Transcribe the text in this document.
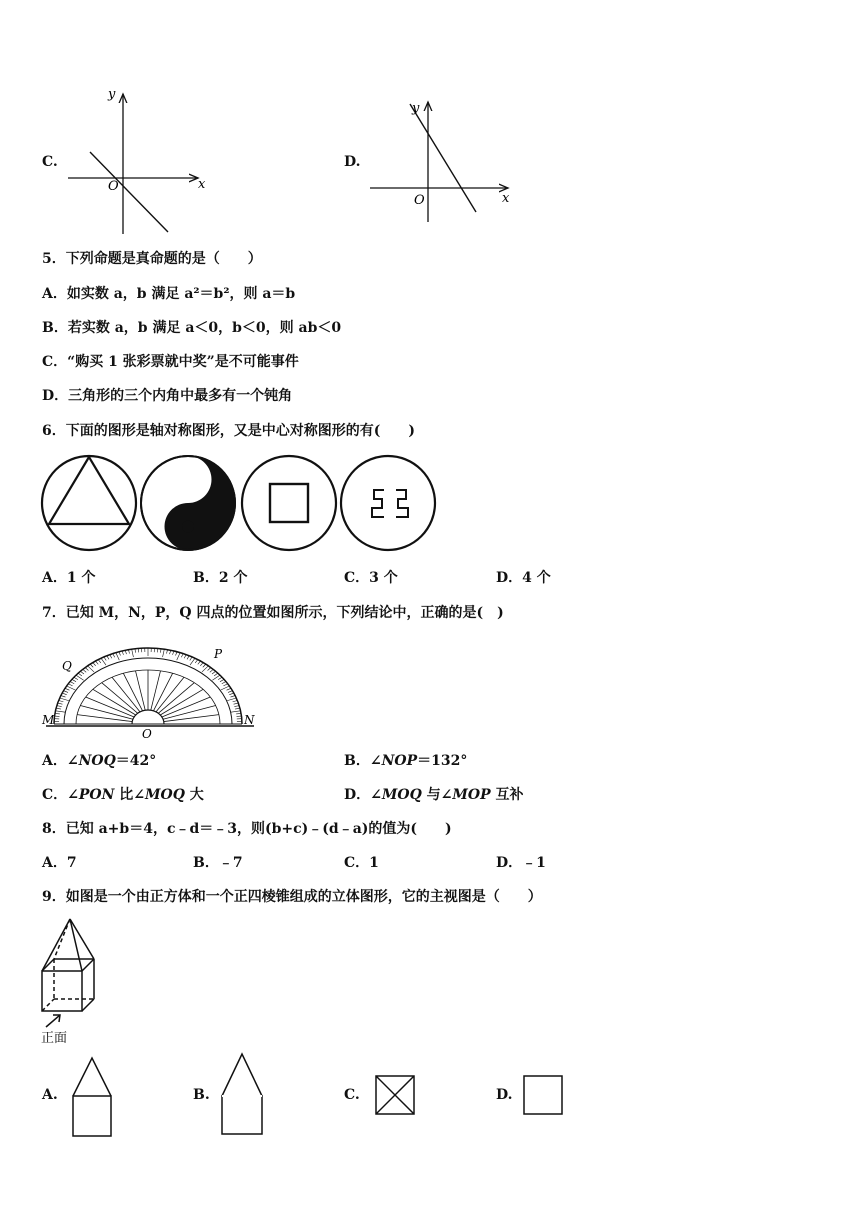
C.
x
y
O
D.
x
y
O
5．下列命题是真命题的是（　　）
A．如实数 a，b 满足 a²＝b²，则 a＝b
B．若实数 a，b 满足 a＜0，b＜0，则 ab＜0
C．“购买 1 张彩票就中奖”是不可能事件
D．三角形的三个内角中最多有一个钝角
6．下面的图形是轴对称图形，又是中心对称图形的有(　　)
A．1 个	B．2 个	C．3 个	D．4 个
7．已知 M，N，P，Q 四点的位置如图所示，下列结论中，正确的是(　)
M	N
P
Q
O
A．∠NOQ＝42°	B．∠NOP＝132°
C．∠PON 比∠MOQ 大	D．∠MOQ 与∠MOP 互补
8．已知 a+b＝4，c﹣d＝﹣3，则(b+c)﹣(d﹣a)的值为(　　)
A．7	B．﹣7	C．1	D．﹣1
9．如图是一个由正方体和一个正四棱锥组成的立体图形，它的主视图是（　　）
正面
A.	B.	C.	D.
